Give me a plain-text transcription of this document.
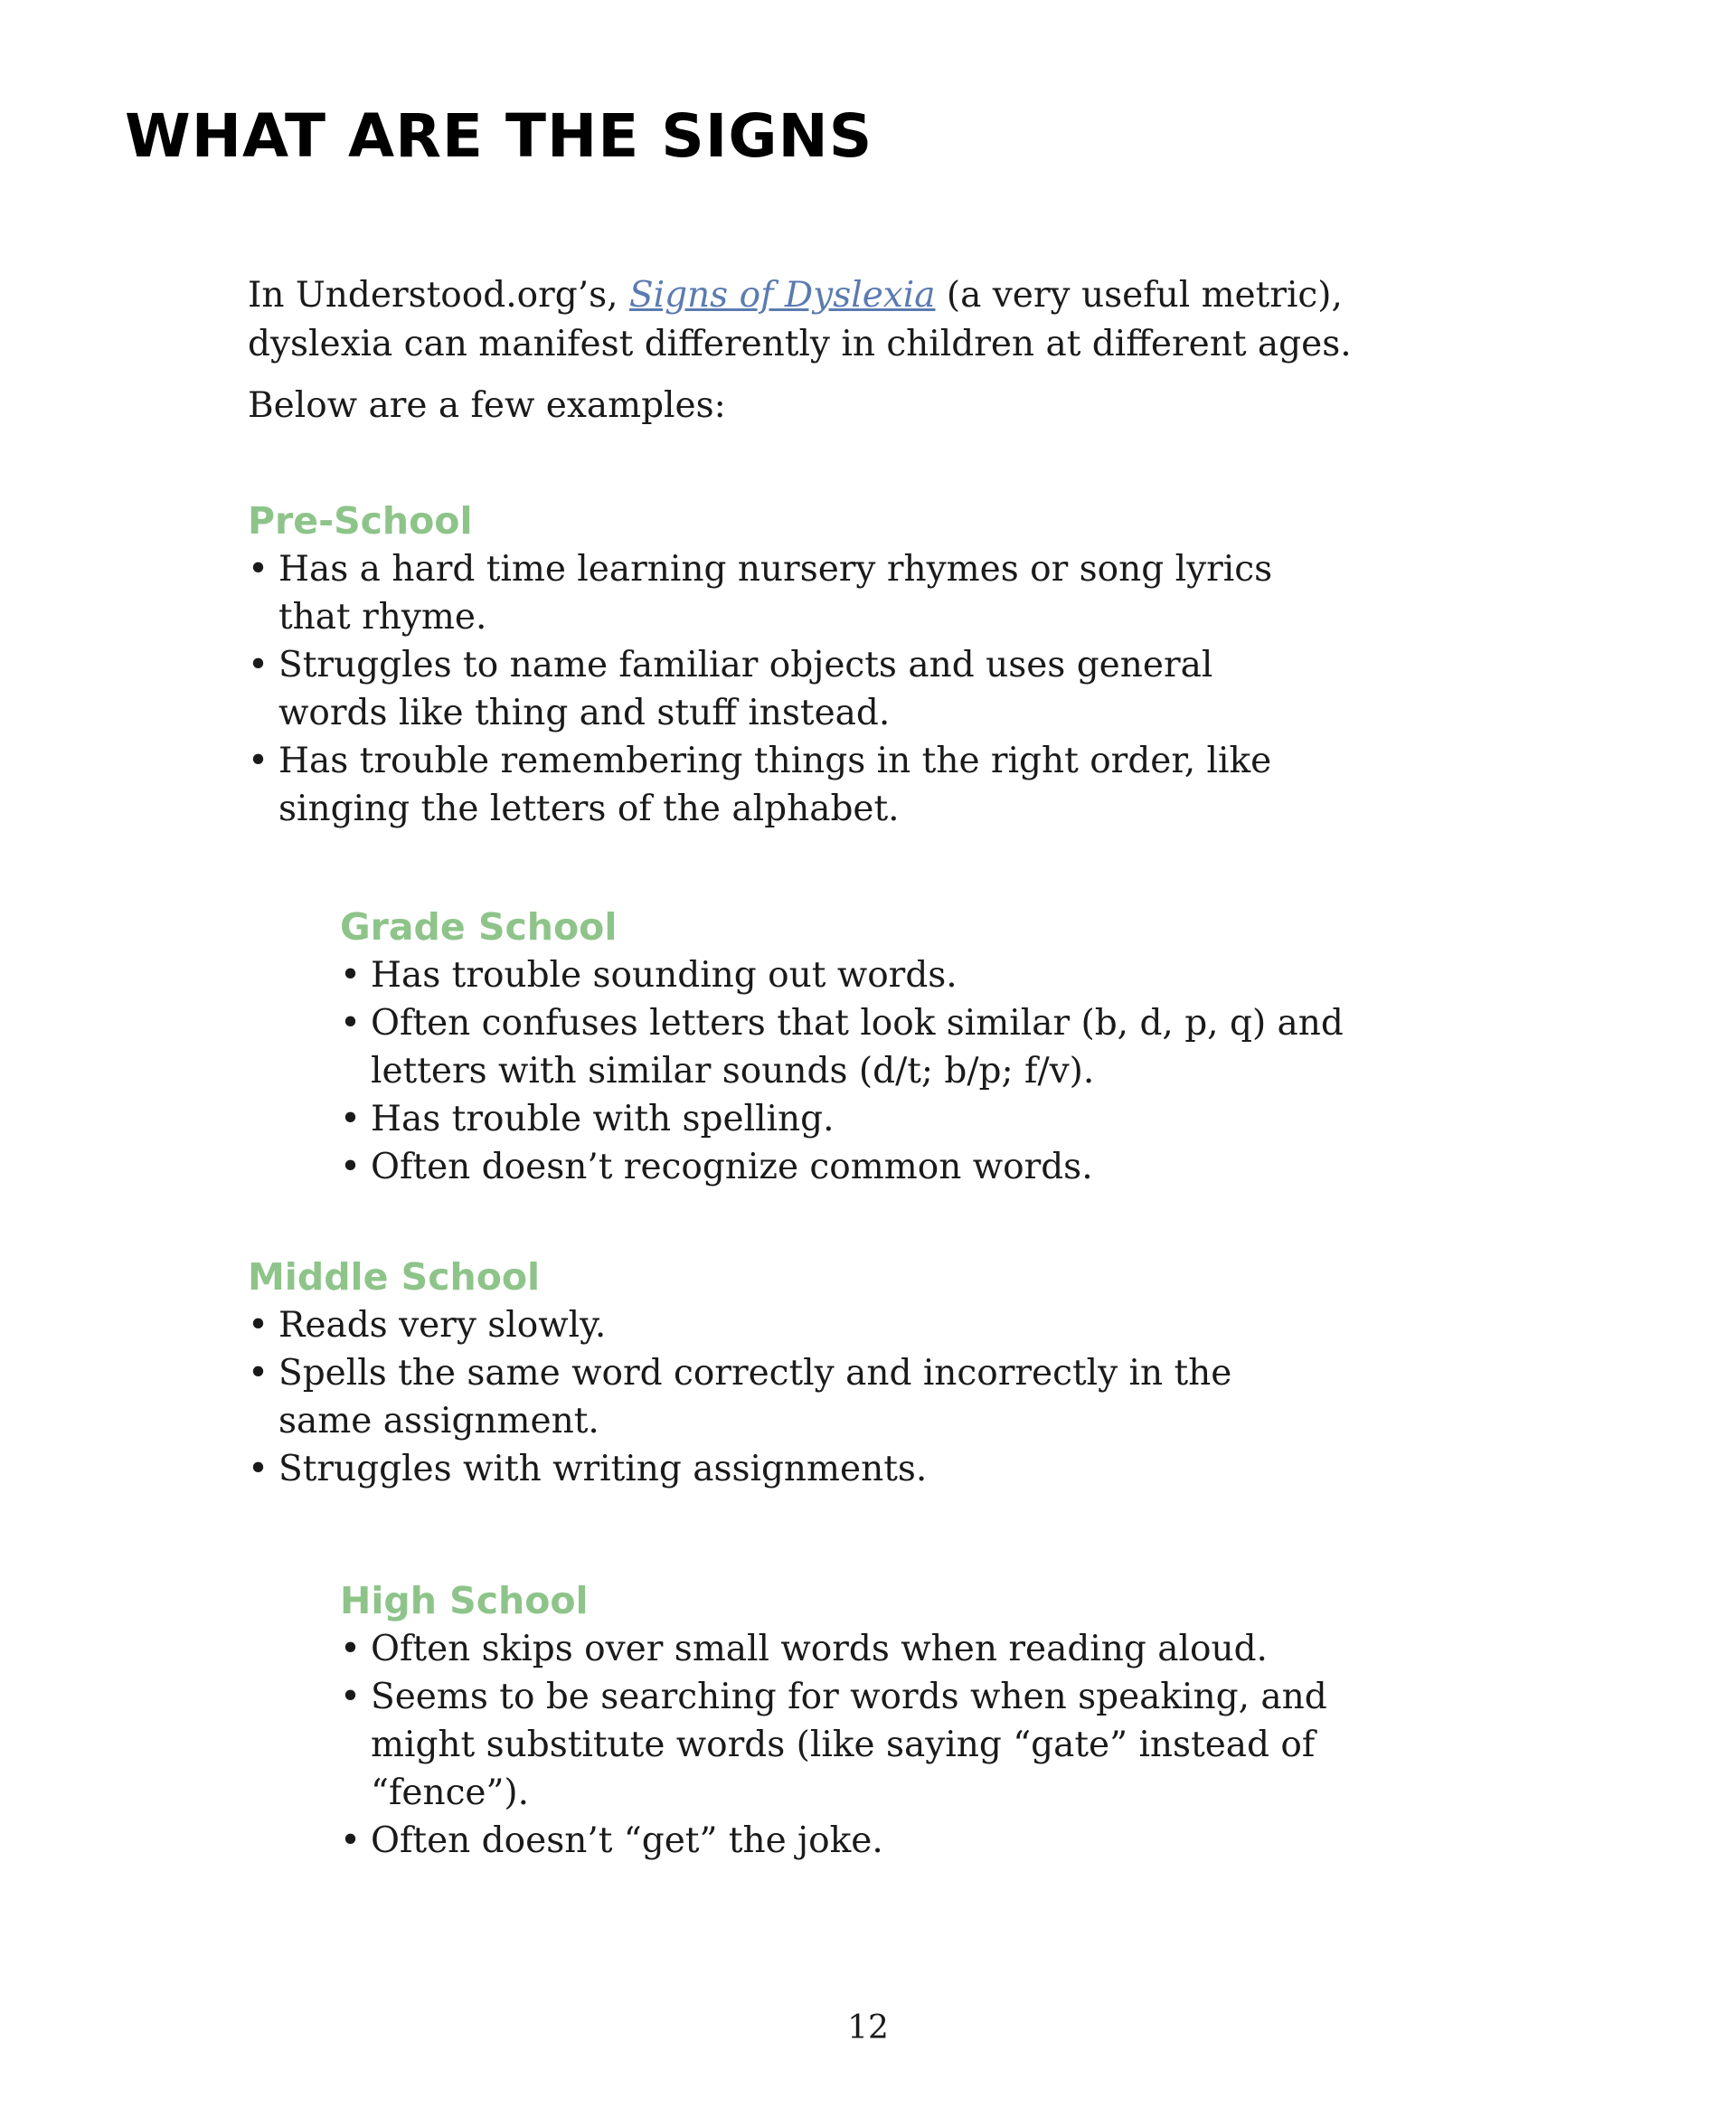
WHAT ARE THE SIGNS

In Understood.org’s, Signs of Dyslexia (a very useful metric), dyslexia can manifest differently in children at different ages.

Below are a few examples:

Pre-School
• Has a hard time learning nursery rhymes or song lyrics that rhyme.
• Struggles to name familiar objects and uses general words like thing and stuff instead.
• Has trouble remembering things in the right order, like singing the letters of the alphabet.
Grade School
• Has trouble sounding out words.
• Often confuses letters that look similar (b, d, p, q) and letters with similar sounds (d/t; b/p; f/v).
• Has trouble with spelling.
• Often doesn’t recognize common words.
Middle School
• Reads very slowly.
• Spells the same word correctly and incorrectly in the same assignment.
• Struggles with writing assignments.
High School
• Often skips over small words when reading aloud.
• Seems to be searching for words when speaking, and might substitute words (like saying “gate” instead of “fence”).
• Often doesn’t “get” the joke.
12
